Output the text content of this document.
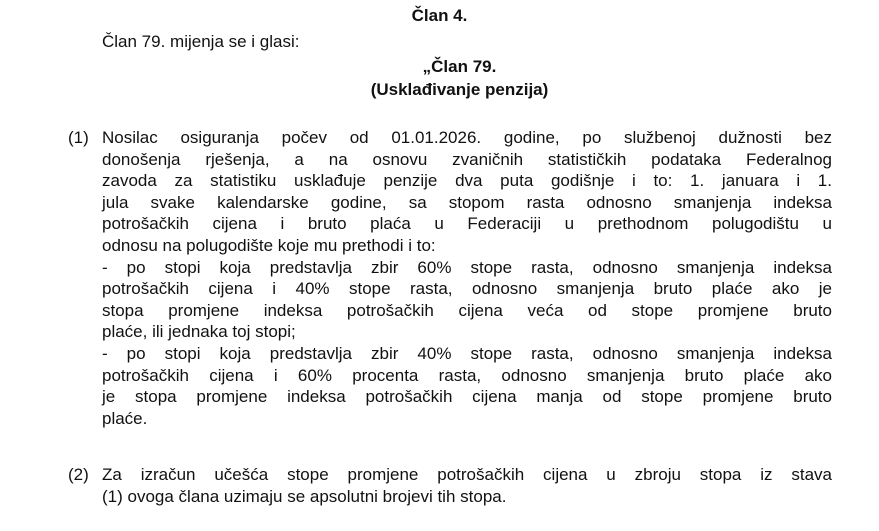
Član 4.
Član 79. mijenja se i glasi:
„Član 79.
(Usklađivanje penzija)
(1) Nosilac osiguranja počev od 01.01.2026. godine, po službenoj dužnosti bez
donošenja rješenja, a na osnovu zvaničnih statističkih podataka Federalnog
zavoda za statistiku usklađuje penzije dva puta godišnje i to: 1. januara i 1.
jula svake kalendarske godine, sa stopom rasta odnosno smanjenja indeksa
potrošačkih cijena i bruto plaća u Federaciji u prethodnom polugodištu u
odnosu na polugodište koje mu prethodi i to:
- po stopi koja predstavlja zbir 60% stope rasta, odnosno smanjenja indeksa
potrošačkih cijena i 40% stope rasta, odnosno smanjenja bruto plaće ako je
stopa promjene indeksa potrošačkih cijena veća od stope promjene bruto
plaće, ili jednaka toj stopi;
- po stopi koja predstavlja zbir 40% stope rasta, odnosno smanjenja indeksa
potrošačkih cijena i 60% procenta rasta, odnosno smanjenja bruto plaće ako
je stopa promjene indeksa potrošačkih cijena manja od stope promjene bruto
plaće.
(2) Za izračun učešća stope promjene potrošačkih cijena u zbroju stopa iz stava
(1) ovoga člana uzimaju se apsolutni brojevi tih stopa.
